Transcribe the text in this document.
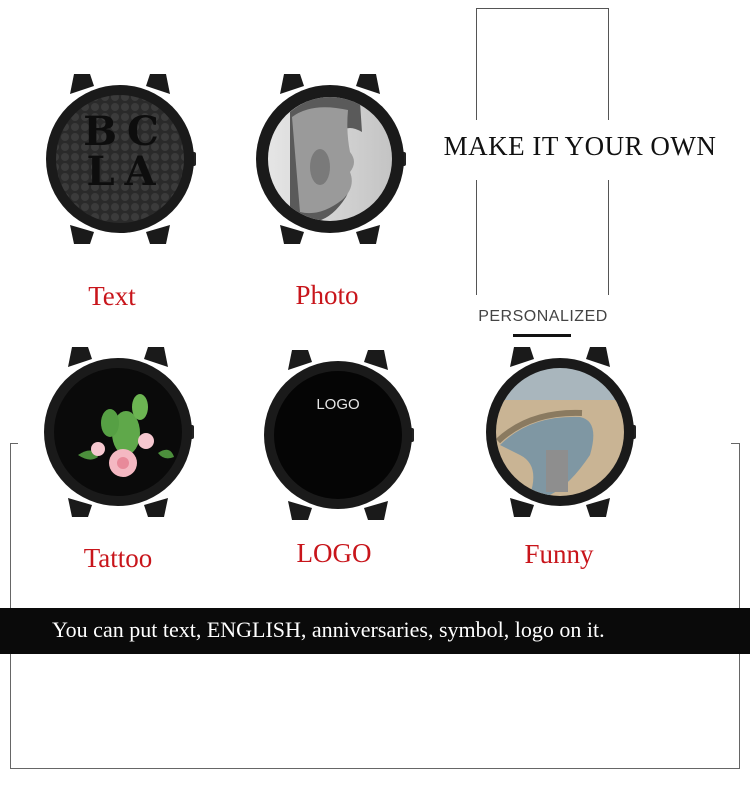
MAKE IT YOUR OWN
PERSONALIZED
B C L A
Text	Photo
Tattoo
LOGO
LOGO	Funny
You can put text, ENGLISH, anniversaries, symbol, logo on it.
